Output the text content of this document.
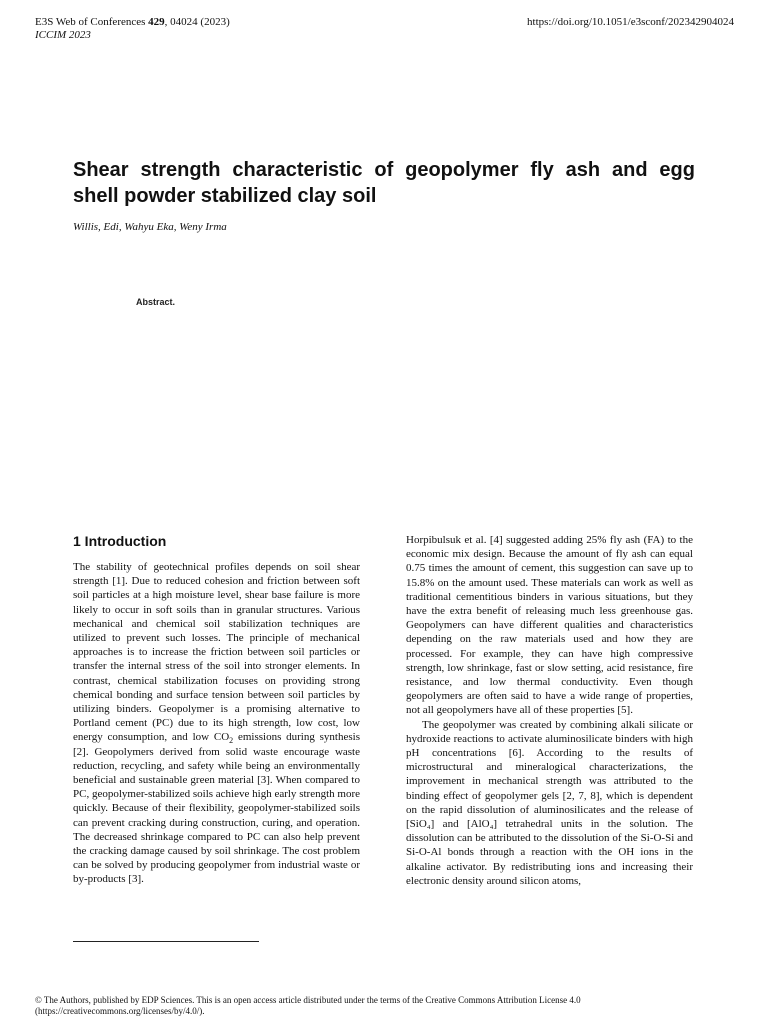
E3S Web of Conferences 429, 04024 (2023)	https://doi.org/10.1051/e3sconf/202342904024
ICCIM 2023
Shear strength characteristic of geopolymer fly ash and egg shell powder stabilized clay soil
Willis, Edi, Wahyu Eka, Weny Irma
Abstract.
1 Introduction

The stability of geotechnical profiles depends on soil shear strength [1]. Due to reduced cohesion and friction between soft soil particles at a high moisture level, shear base failure is more likely to occur in soft soils than in granular structures. Various mechanical and chemical soil stabilization techniques are utilized to prevent such losses. The principle of mechanical approaches is to increase the friction between soil particles or transfer the internal stress of the soil into stronger elements. In contrast, chemical stabilization focuses on providing strong chemical bonding and surface tension between soil particles by utilizing binders. Geopolymer is a promising alternative to Portland cement (PC) due to its high strength, low cost, low energy consumption, and low $CO_2$ emissions during synthesis [2]. Geopolymers derived from solid waste encourage waste reduction, recycling, and safety while being an environmentally beneficial and sustainable green material [3]. When compared to PC, geopolymer-stabilized soils achieve high early strength more quickly. Because of their flexibility, geopolymer-stabilized soils can prevent cracking during construction, curing, and operation. The decreased shrinkage compared to PC can also help prevent the cracking damage caused by soil shrinkage. The cost problem can be solved by producing geopolymer from industrial waste or by-products [3].

Horpibulsuk et al. [4] suggested adding 25% fly ash (FA) to the economic mix design. Because the amount of fly ash can equal 0.75 times the amount of cement, this suggestion can save up to 15.8% on the amount used. These materials can work as well as traditional cementitious binders in various situations, but they have the extra benefit of releasing much less greenhouse gas. Geopolymers can have different qualities and characteristics depending on the raw materials used and how they are processed. For example, they can have high compressive strength, low shrinkage, fast or slow setting, acid resistance, fire resistance, and low thermal conductivity. Even though geopolymers are often said to have a wide range of properties, not all geopolymers have all of these properties [5].

The geopolymer was created by combining alkali silicate or hydroxide reactions to activate aluminosilicate binders with high pH concentrations [6]. According to the results of microstructural and mineralogical characterizations, the improvement in mechanical strength was attributed to the binding effect of geopolymer gels [2, 7, 8], which is dependent on the rapid dissolution of aluminosilicates and the release of [SiO₄] and [AlO₄] tetrahedral units in the solution. The dissolution can be attributed to the dissolution of the Si-O-Si and Si-O-Al bonds through a reaction with the OH ions in the alkaline activator. By redistributing ions and increasing their electronic density around silicon atoms,

© The Authors, published by EDP Sciences. This is an open access article distributed under the terms of the Creative Commons Attribution License 4.0 (https://creativecommons.org/licenses/by/4.0/).
